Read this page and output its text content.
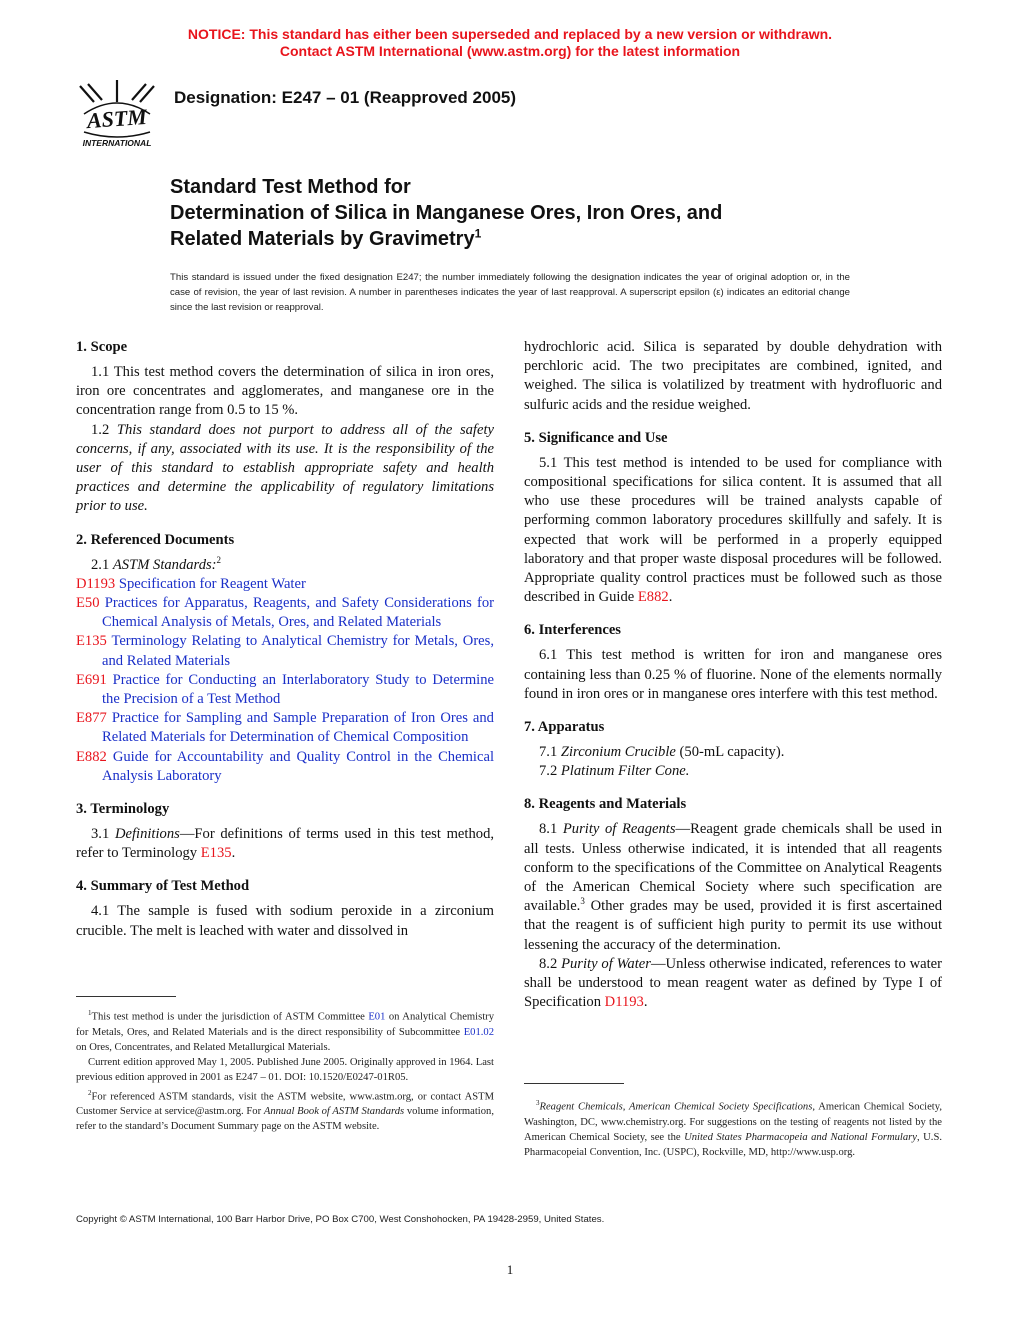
NOTICE: This standard has either been superseded and replaced by a new version or withdrawn.
Contact ASTM International (www.astm.org) for the latest information
ASTM
INTERNATIONAL
Designation: E247 – 01 (Reapproved 2005)
Standard Test Method for
Determination of Silica in Manganese Ores, Iron Ores, and
Related Materials by Gravimetry$^1$
This standard is issued under the fixed designation E247; the number immediately following the designation indicates the year of original adoption or, in the case of revision, the year of last revision. A number in parentheses indicates the year of last reapproval. A superscript epsilon (ε) indicates an editorial change since the last revision or reapproval.
1. Scope

1.1 This test method covers the determination of silica in iron ores, iron ore concentrates and agglomerates, and manganese ore in the concentration range from 0.5 to 15 %.

1.2 This standard does not purport to address all of the safety concerns, if any, associated with its use. It is the responsibility of the user of this standard to establish appropriate safety and health practices and determine the applicability of regulatory limitations prior to use.

2. Referenced Documents

2.1 ASTM Standards:$^2$

D1193 Specification for Reagent Water

E50 Practices for Apparatus, Reagents, and Safety Considerations for Chemical Analysis of Metals, Ores, and Related Materials

E135 Terminology Relating to Analytical Chemistry for Metals, Ores, and Related Materials

E691 Practice for Conducting an Interlaboratory Study to Determine the Precision of a Test Method

E877 Practice for Sampling and Sample Preparation of Iron Ores and Related Materials for Determination of Chemical Composition

E882 Guide for Accountability and Quality Control in the Chemical Analysis Laboratory

3. Terminology

3.1 Definitions—For definitions of terms used in this test method, refer to Terminology E135.

4. Summary of Test Method

4.1 The sample is fused with sodium peroxide in a zirconium crucible. The melt is leached with water and dissolved in

hydrochloric acid. Silica is separated by double dehydration with perchloric acid. The two precipitates are combined, ignited, and weighed. The silica is volatilized by treatment with hydrofluoric and sulfuric acids and the residue weighed.

5. Significance and Use

5.1 This test method is intended to be used for compliance with compositional specifications for silica content. It is assumed that all who use these procedures will be trained analysts capable of performing common laboratory procedures skillfully and safely. It is expected that work will be performed in a properly equipped laboratory and that proper waste disposal procedures will be followed. Appropriate quality control practices must be followed such as those described in Guide E882.

6. Interferences

6.1 This test method is written for iron and manganese ores containing less than 0.25 % of fluorine. None of the elements normally found in iron ores or in manganese ores interfere with this test method.

7. Apparatus

7.1 Zirconium Crucible (50-mL capacity).

7.2 Platinum Filter Cone.

8. Reagents and Materials

8.1 Purity of Reagents—Reagent grade chemicals shall be used in all tests. Unless otherwise indicated, it is intended that all reagents conform to the specifications of the Committee on Analytical Reagents of the American Chemical Society where such specification are available.$^3$ Other grades may be used, provided it is first ascertained that the reagent is of sufficient high purity to permit its use without lessening the accuracy of the determination.

8.2 Purity of Water—Unless otherwise indicated, references to water shall be understood to mean reagent water as defined by Type I of Specification D1193.

$^1$This test method is under the jurisdiction of ASTM Committee E01 on Analytical Chemistry for Metals, Ores, and Related Materials and is the direct responsibility of Subcommittee E01.02 on Ores, Concentrates, and Related Metallurgical Materials.

Current edition approved May 1, 2005. Published June 2005. Originally approved in 1964. Last previous edition approved in 2001 as E247 – 01. DOI: 10.1520/E0247-01R05.

$^2$For referenced ASTM standards, visit the ASTM website, www.astm.org, or contact ASTM Customer Service at service@astm.org. For Annual Book of ASTM Standards volume information, refer to the standard’s Document Summary page on the ASTM website.

$^3$Reagent Chemicals, American Chemical Society Specifications, American Chemical Society, Washington, DC, www.chemistry.org. For suggestions on the testing of reagents not listed by the American Chemical Society, see the United States Pharmacopeia and National Formulary, U.S. Pharmacopeial Convention, Inc. (USPC), Rockville, MD, http://www.usp.org.

Copyright © ASTM International, 100 Barr Harbor Drive, PO Box C700, West Conshohocken, PA 19428-2959, United States.
1
